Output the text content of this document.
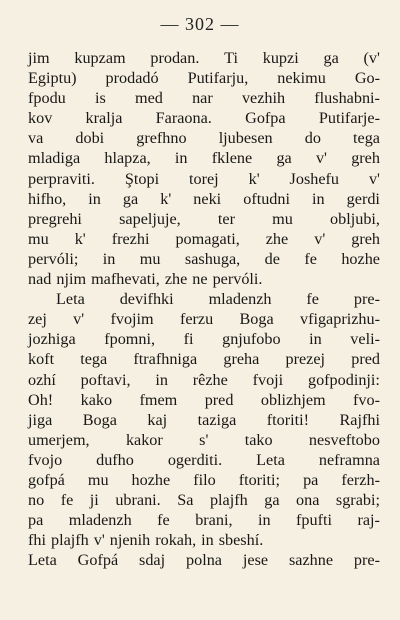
— 302 —
jim kupzam prodan. Ti kupzi ga (v'
Egiptu) prodadó Putifarju, nekimu Go-
fpodu is med nar vezhih flushabni-
kov kralja Faraona. Gofpa Putifarje-
va dobi grefhno ljubesen do tega
mladiga hlapza, in fklene ga v' greh
perpraviti. Ştopi torej k' Joshefu v'
hifho, in ga k' neki oftudni in gerdi
pregrehi sapeljuje, ter mu obljubi,
mu k' frezhi pomagati, zhe v' greh
pervóli; in mu sashuga, de fe hozhe
nad njim mafhevati, zhe ne pervóli.
Leta devifhki mladenzh fe pre-
zej v' fvojim ferzu Boga vfigaprizhu-
jozhiga fpomni, fi gnjufobo in veli-
koft tega ftrafhniga greha prezej pred
ozhí poftavi, in rêzhe fvoji gofpodinji:
Oh! kako fmem pred oblizhjem fvo-
jiga Boga kaj taziga ftoriti! Rajfhi
umerjem, kakor s' tako nesveftobo
fvojo dufho ogerditi. Leta neframna
gofpá mu hozhe filo ftoriti; pa ferzh-
no fe ji ubrani. Sa plajfh ga ona sgrabi;
pa mladenzh fe brani, in fpufti raj-
fhi plajfh v' njenih rokah, in sbeshí.
Leta Gofpá sdaj polna jese sazhne pre-
